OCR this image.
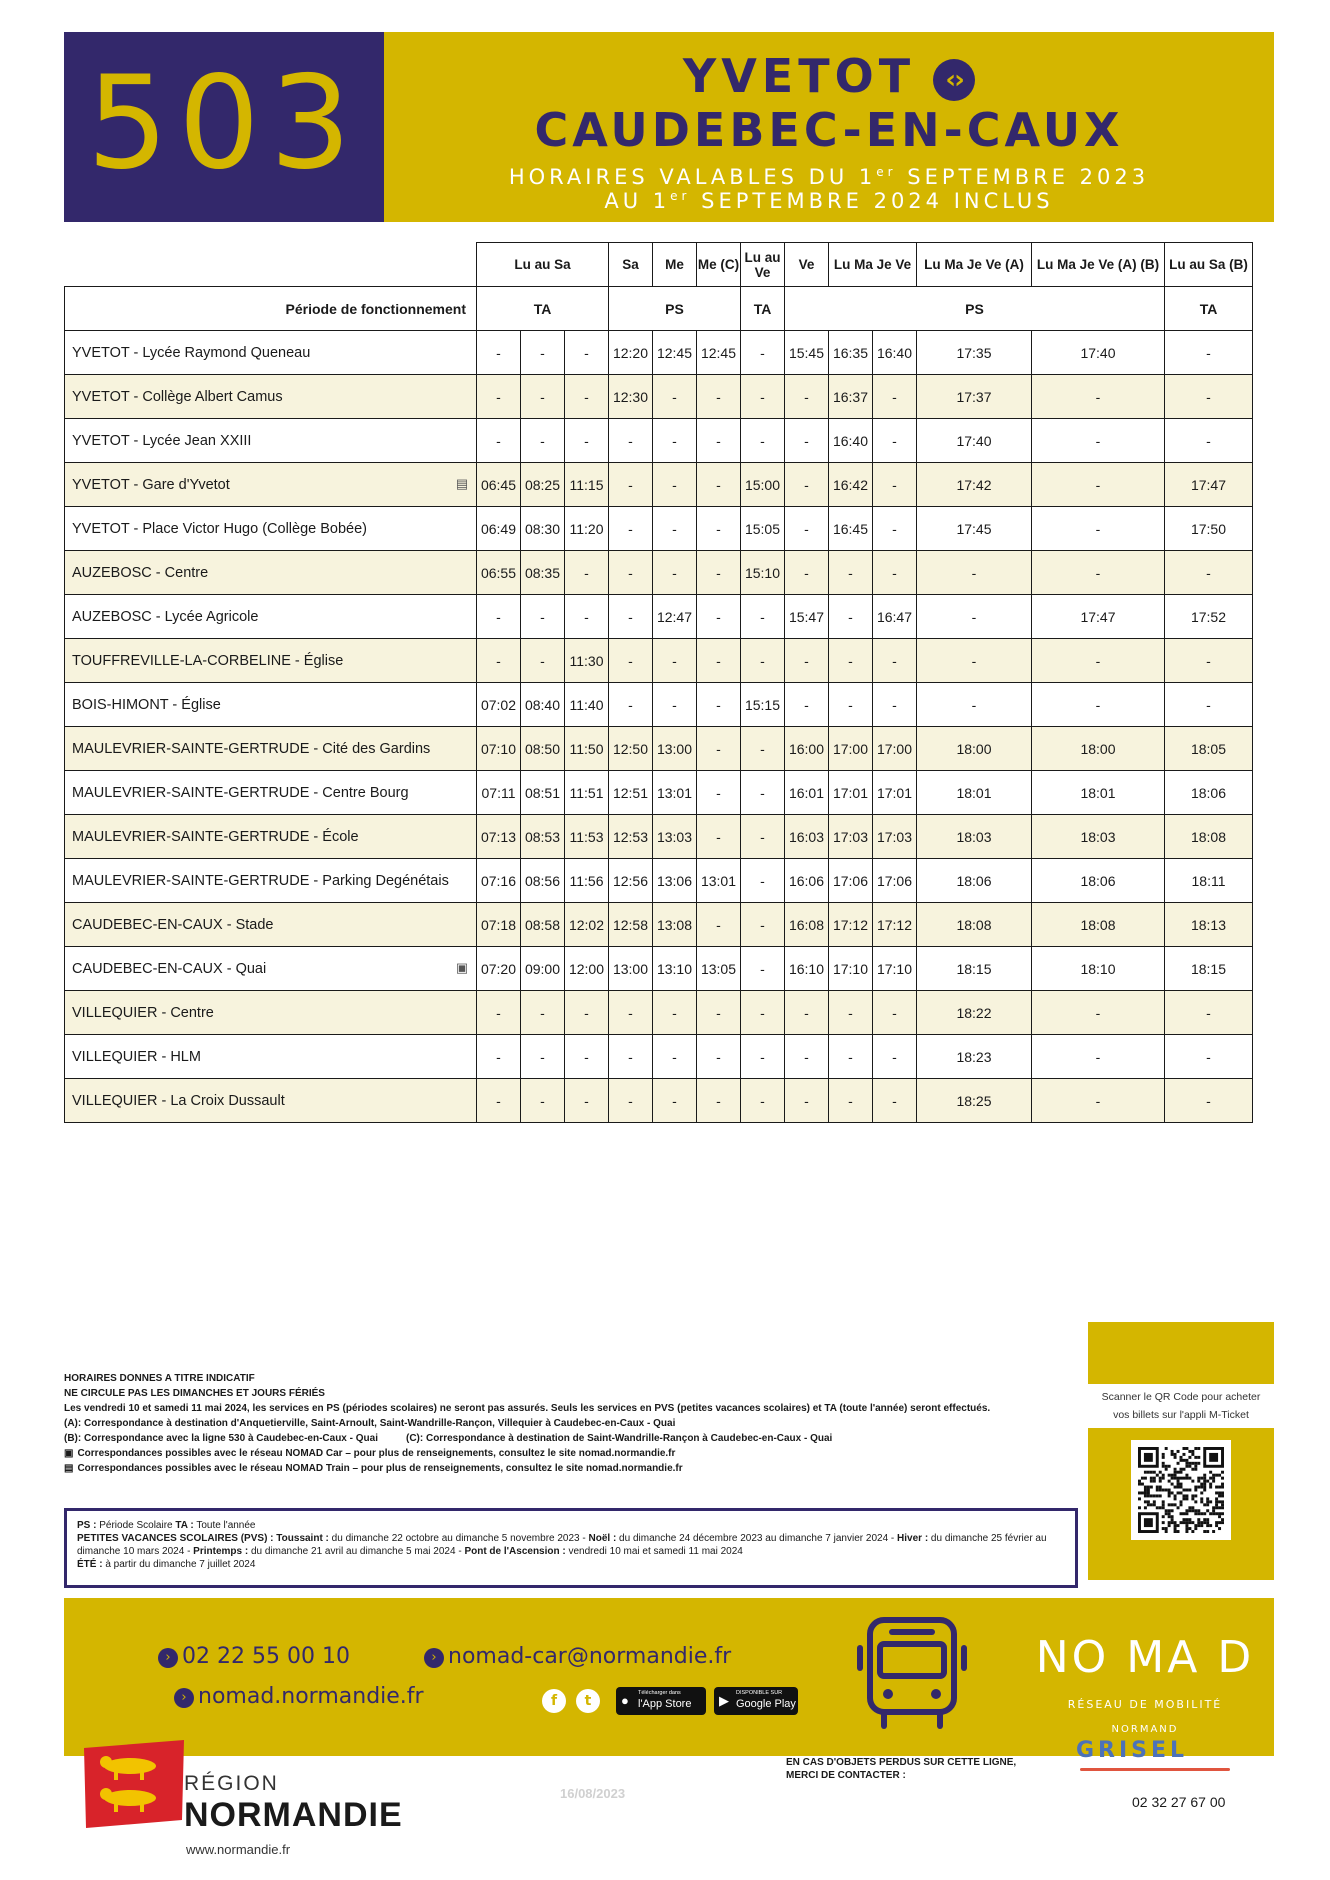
503	YVETOT ‹›
CAUDEBEC-EN-CAUX
HORAIRES VALABLES DU 1er SEPTEMBRE 2023
AU 1er SEPTEMBRE 2024 INCLUS
	Lu au Sa			Sa	Me	Me (C)	Lu au Ve	Ve	Lu Ma Je Ve		Lu Ma Je Ve (A)	Lu Ma Je Ve (A) (B)	Lu au Sa (B)
Période de fonctionnement	TA			PS			TA	PS					TA
YVETOT - Lycée Raymond Queneau	-	-	-	12:20	12:45	12:45	-	15:45	16:35	16:40	17:35	17:40	-
YVETOT - Collège Albert Camus	-	-	-	12:30	-	-	-	-	16:37	-	17:37	-	-
YVETOT - Lycée Jean XXIII	-	-	-	-	-	-	-	-	16:40	-	17:40	-	-
YVETOT - Gare d'Yvetot ▤	06:45	08:25	11:15	-	-	-	15:00	-	16:42	-	17:42	-	17:47
YVETOT - Place Victor Hugo (Collège Bobée)	06:49	08:30	11:20	-	-	-	15:05	-	16:45	-	17:45	-	17:50
AUZEBOSC - Centre	06:55	08:35	-	-	-	-	15:10	-	-	-	-	-	-
AUZEBOSC - Lycée Agricole	-	-	-	-	12:47	-	-	15:47	-	16:47	-	17:47	17:52
TOUFFREVILLE-LA-CORBELINE - Église	-	-	11:30	-	-	-	-	-	-	-	-	-	-
BOIS-HIMONT - Église	07:02	08:40	11:40	-	-	-	15:15	-	-	-	-	-	-
MAULEVRIER-SAINTE-GERTRUDE - Cité des Gardins	07:10	08:50	11:50	12:50	13:00	-	-	16:00	17:00	17:00	18:00	18:00	18:05
MAULEVRIER-SAINTE-GERTRUDE - Centre Bourg	07:11	08:51	11:51	12:51	13:01	-	-	16:01	17:01	17:01	18:01	18:01	18:06
MAULEVRIER-SAINTE-GERTRUDE - École	07:13	08:53	11:53	12:53	13:03	-	-	16:03	17:03	17:03	18:03	18:03	18:08
MAULEVRIER-SAINTE-GERTRUDE - Parking Degénétais	07:16	08:56	11:56	12:56	13:06	13:01	-	16:06	17:06	17:06	18:06	18:06	18:11
CAUDEBEC-EN-CAUX - Stade	07:18	08:58	12:02	12:58	13:08	-	-	16:08	17:12	17:12	18:08	18:08	18:13
CAUDEBEC-EN-CAUX - Quai ▣	07:20	09:00	12:00	13:00	13:10	13:05	-	16:10	17:10	17:10	18:15	18:10	18:15
VILLEQUIER - Centre	-	-	-	-	-	-	-	-	-	-	18:22	-	-
VILLEQUIER - HLM	-	-	-	-	-	-	-	-	-	-	18:23	-	-
VILLEQUIER - La Croix Dussault	-	-	-	-	-	-	-	-	-	-	18:25	-	-

HORAIRES DONNES A TITRE INDICATIF

NE CIRCULE PAS LES DIMANCHES ET JOURS FÉRIÉS

Les vendredi 10 et samedi 11 mai 2024, les services en PS (périodes scolaires) ne seront pas assurés. Seuls les services en PVS (petites vacances scolaires) et TA (toute l'année) seront effectués.

(A): Correspondance à destination d'Anquetierville, Saint-Arnoult, Saint-Wandrille-Rançon, Villequier à Caudebec-en-Caux - Quai

(B): Correspondance avec la ligne 530 à Caudebec-en-Caux - Quai	(C): Correspondance à destination de Saint-Wandrille-Rançon à Caudebec-en-Caux - Quai

▣ Correspondances possibles avec le réseau NOMAD Car – pour plus de renseignements, consultez le site nomad.normandie.fr

▤ Correspondances possibles avec le réseau NOMAD Train – pour plus de renseignements, consultez le site nomad.normandie.fr

Scanner le QR Code pour acheter
vos billets sur l'appli M-Ticket
PS : Période Scolaire TA : Toute l'année
PETITES VACANCES SCOLAIRES (PVS) : Toussaint : du dimanche 22 octobre au dimanche 5 novembre 2023 - Noël : du dimanche 24 décembre 2023 au dimanche 7 janvier 2024 - Hiver : du dimanche 25 février au dimanche 10 mars 2024 - Printemps : du dimanche 21 avril au dimanche 5 mai 2024 - Pont de l'Ascension : vendredi 10 mai et samedi 11 mai 2024
ÉTÉ : à partir du dimanche 7 juillet 2024
› 02 22 55 00 10	› nomad-car@normandie.fr
› nomad.normandie.fr	f	t	● Télécharger dans
l'App Store ▶ DISPONIBLE SUR
Google Play
NO MA D
RÉSEAU DE MOBILITÉ
NORMAND
RÉGION
NORMANDIE
www.normandie.fr
16/08/2023
EN CAS D'OBJETS PERDUS SUR CETTE LIGNE,
MERCI DE CONTACTER :
GRISEL
02 32 27 67 00
